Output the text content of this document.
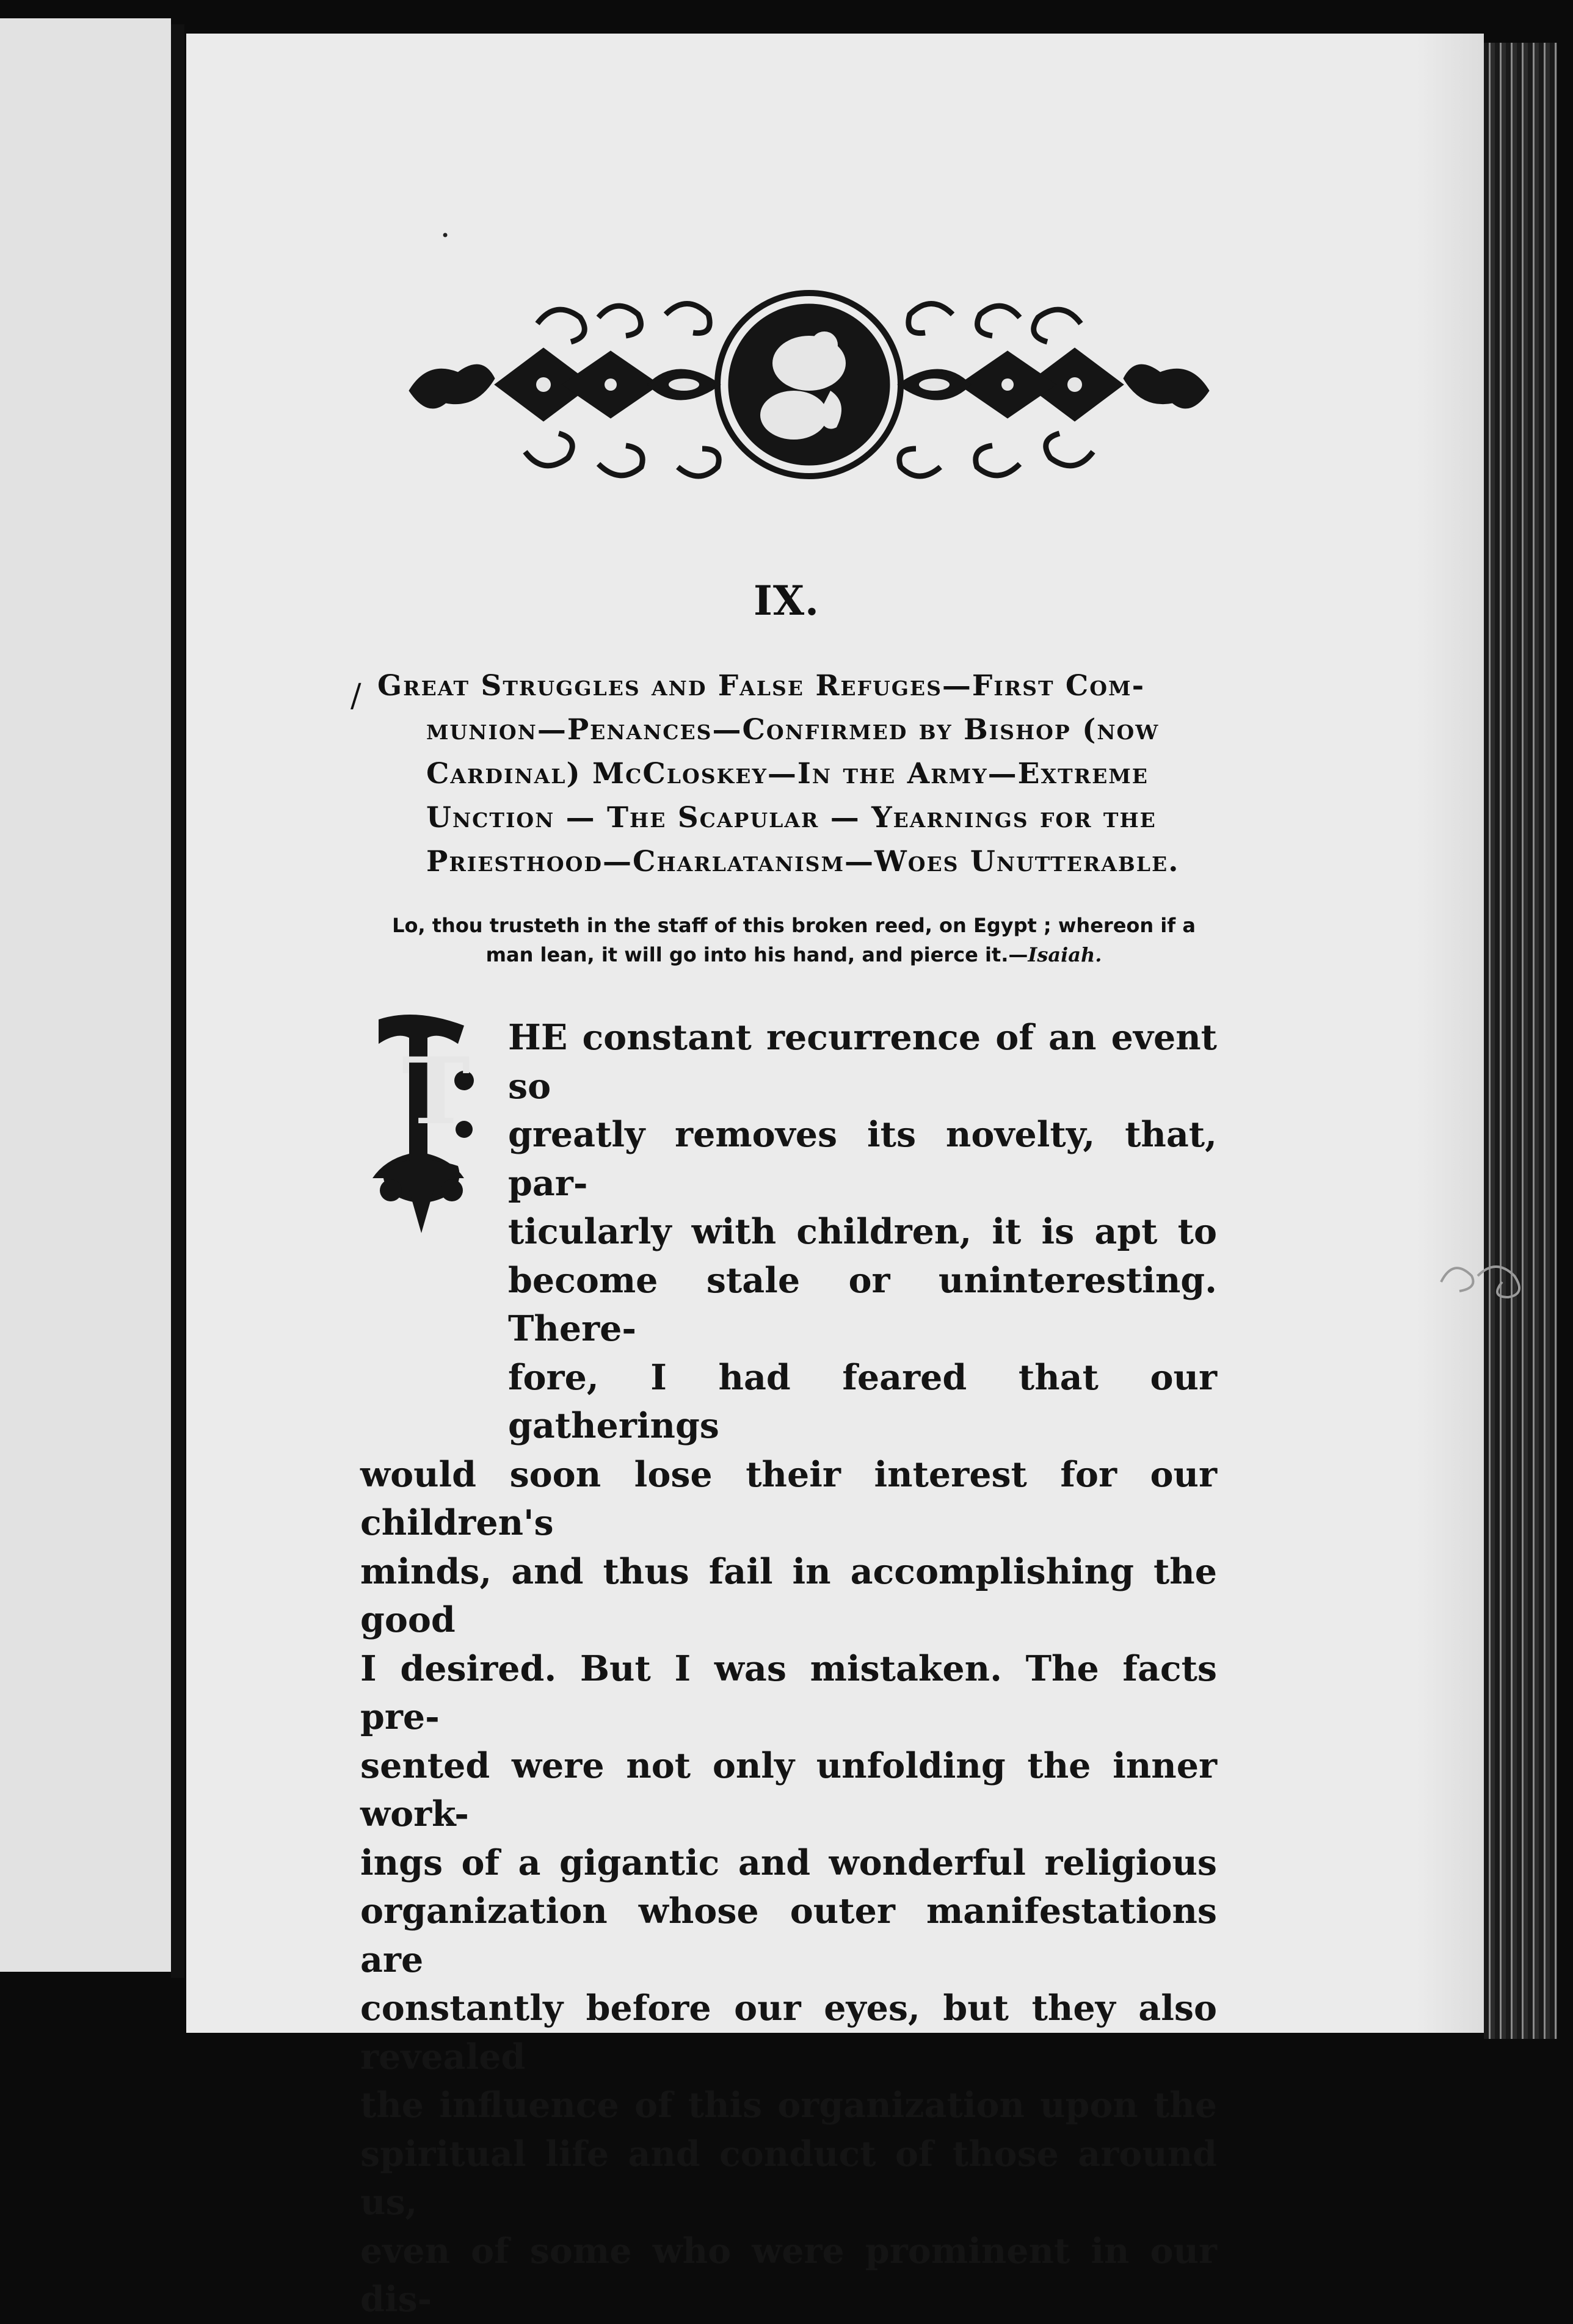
•
IX.
/ Great Struggles and False Refuges—First Com-
munion—Penances—Confirmed by Bishop (now
Cardinal) McCloskey—In the Army—Extreme
Unction — The Scapular — Yearnings for the
Priesthood—Charlatanism—Woes Unutterable.
Lo, thou trusteth in the staff of this broken reed, on Egypt ; whereon if a man lean, it will go into his hand, and pierce it.—Isaiah.
T

HE constant recurrence of an event so

greatly removes its novelty, that, par-

ticularly with children, it is apt to

become stale or uninteresting. There-

fore, I had feared that our gatherings

would soon lose their interest for our children's

minds, and thus fail in accomplishing the good

I desired. But I was mistaken. The facts pre-

sented were not only unfolding the inner work-

ings of a gigantic and wonderful religious

organization whose outer manifestations are

constantly before our eyes, but they also revealed

the influence of this organization upon the

spiritual life and conduct of those around us,

even of some who were prominent in our dis-
